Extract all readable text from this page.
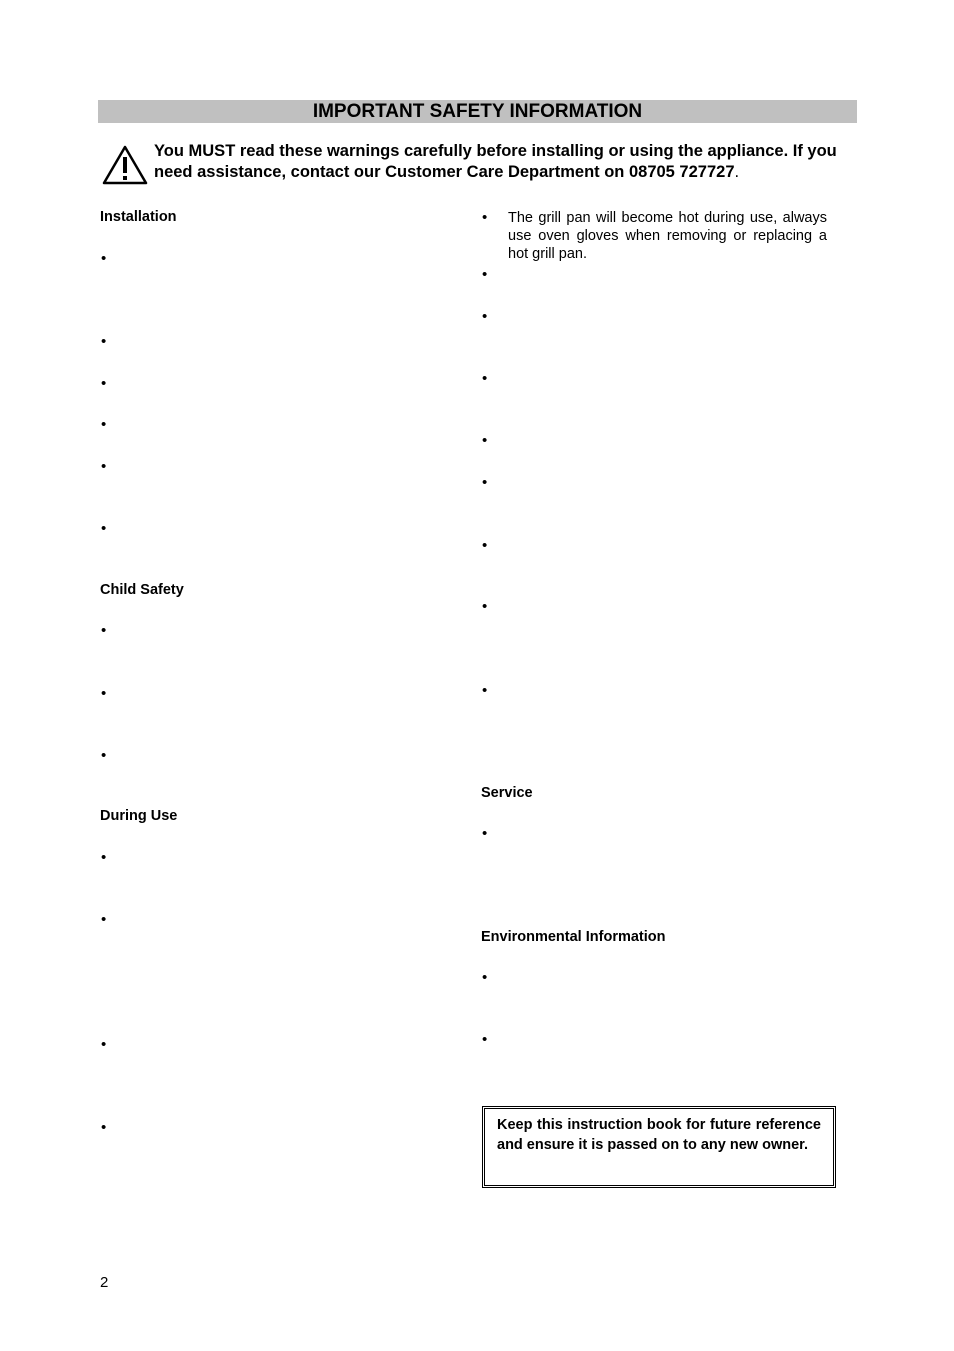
IMPORTANT SAFETY INFORMATION
You MUST read these warnings carefully before installing or using the appliance. If you need assistance, contact our Customer Care Department on 08705 727727.
Installation
•
•
•
•
•
•
Child Safety
•
•
•
During Use
•
•
•
•
• The grill pan will become hot during use, always use oven gloves when removing or replacing a hot grill pan.
•
•
•
•
•
•
•
•
Service
•
Environmental Information
•
•
Keep this instruction book for future reference and ensure it is passed on to any new owner.
2
